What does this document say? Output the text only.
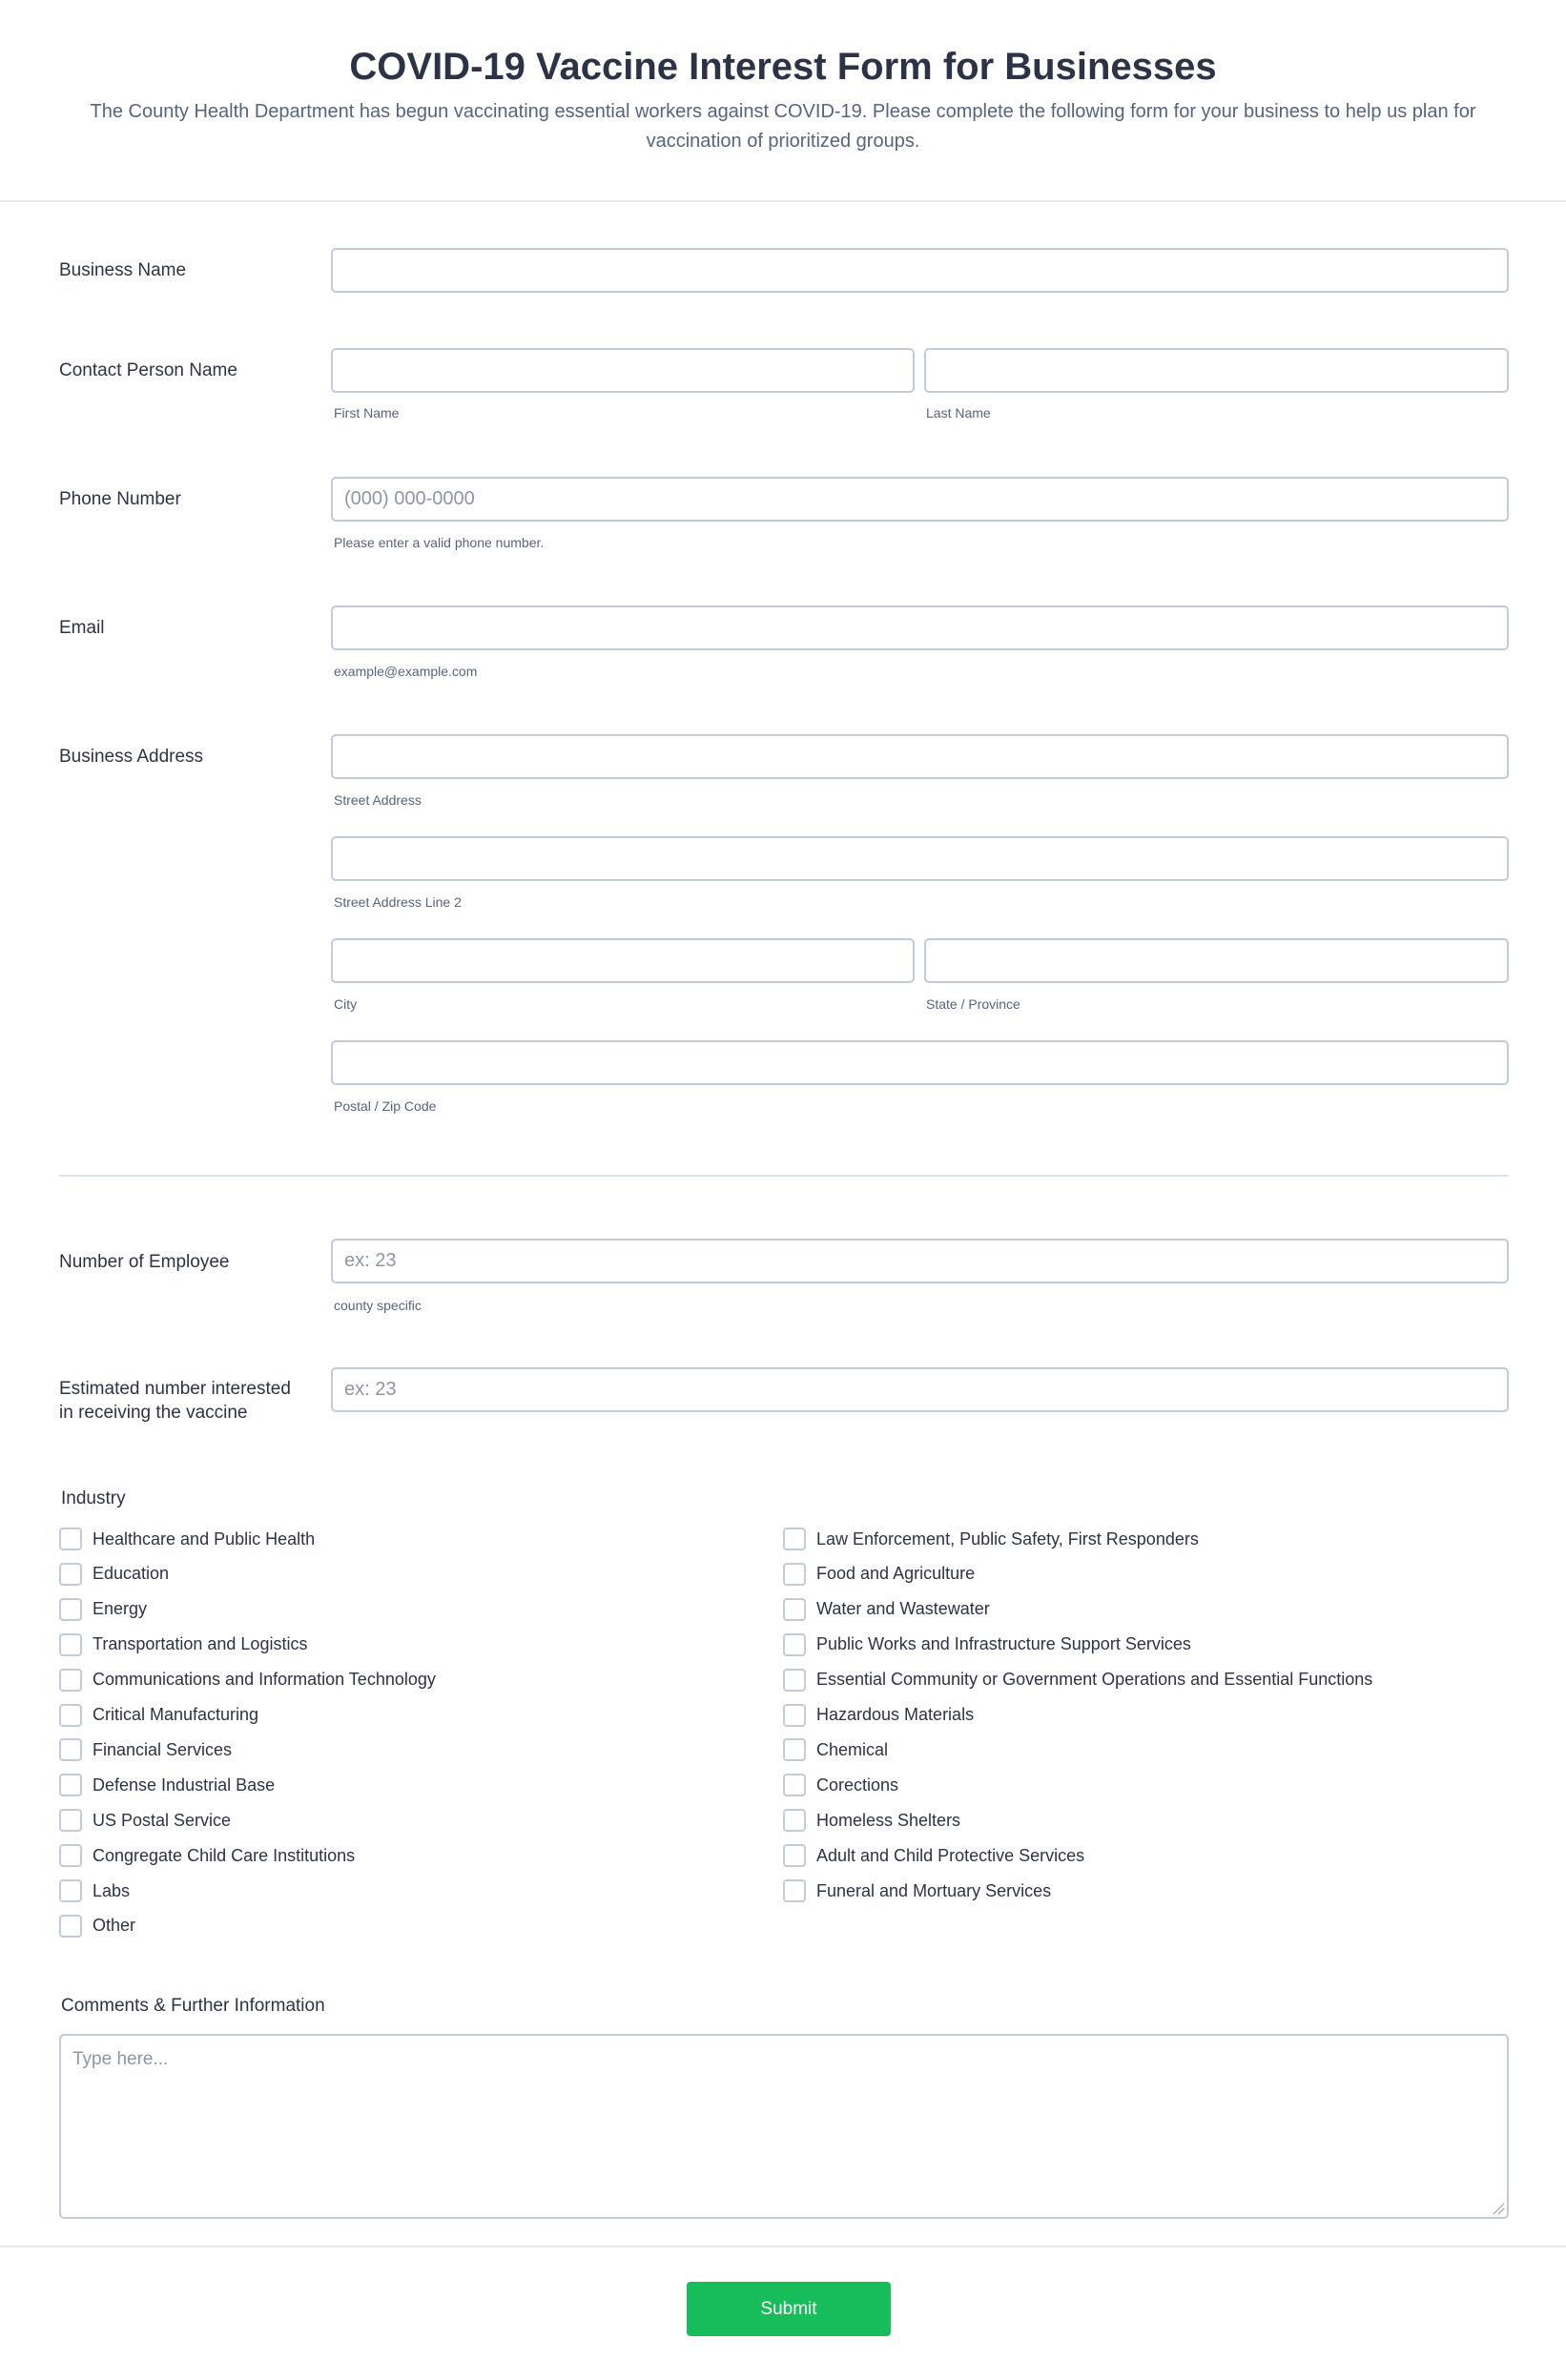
COVID-19 Vaccine Interest Form for Businesses

The County Health Department has begun vaccinating essential workers against COVID-19. Please complete the following form for your business to help us plan for vaccination of prioritized groups.

Business Name
Contact Person Name
First Name	Last Name
Phone Number
(000) 000-0000
Please enter a valid phone number.
Email
example@example.com
Business Address
Street Address
Street Address Line 2
City	State / Province
Postal / Zip Code
Number of Employee
ex: 23
county specific
Estimated number interested
in receiving the vaccine
ex: 23
Industry
Healthcare and Public Health
Education
Energy
Transportation and Logistics
Communications and Information Technology
Critical Manufacturing
Financial Services
Defense Industrial Base
US Postal Service
Congregate Child Care Institutions
Labs
Other
Law Enforcement, Public Safety, First Responders
Food and Agriculture
Water and Wastewater
Public Works and Infrastructure Support Services
Essential Community or Government Operations and Essential Functions
Hazardous Materials
Chemical
Corections
Homeless Shelters
Adult and Child Protective Services
Funeral and Mortuary Services
Comments & Further Information
Type here...
Submit
